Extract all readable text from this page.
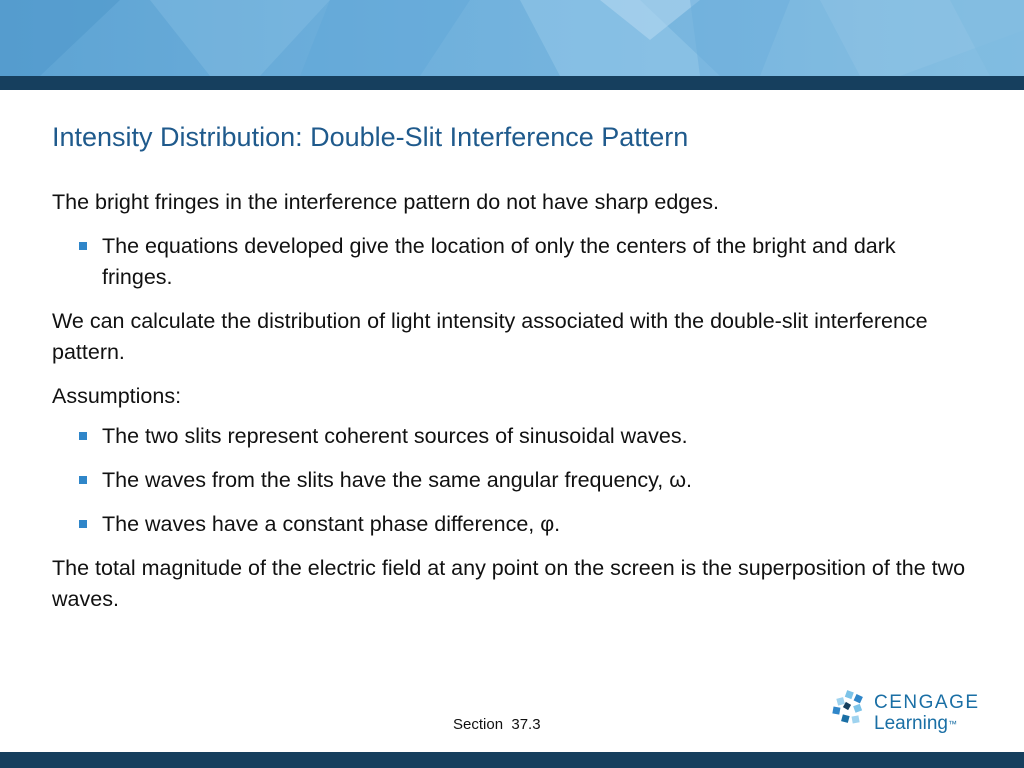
Intensity Distribution: Double-Slit Interference Pattern

The bright fringes in the interference pattern do not have sharp edges.

The equations developed give the location of only the centers of the bright and dark fringes.

We can calculate the distribution of light intensity associated with the double-slit interference pattern.

Assumptions:

The two slits represent coherent sources of sinusoidal waves.
The waves from the slits have the same angular frequency, ω.
The waves have a constant phase difference, φ.

The total magnitude of the electric field at any point on the screen is the superposition of the two waves.

Section  37.3
CENGAGE
Learning™
